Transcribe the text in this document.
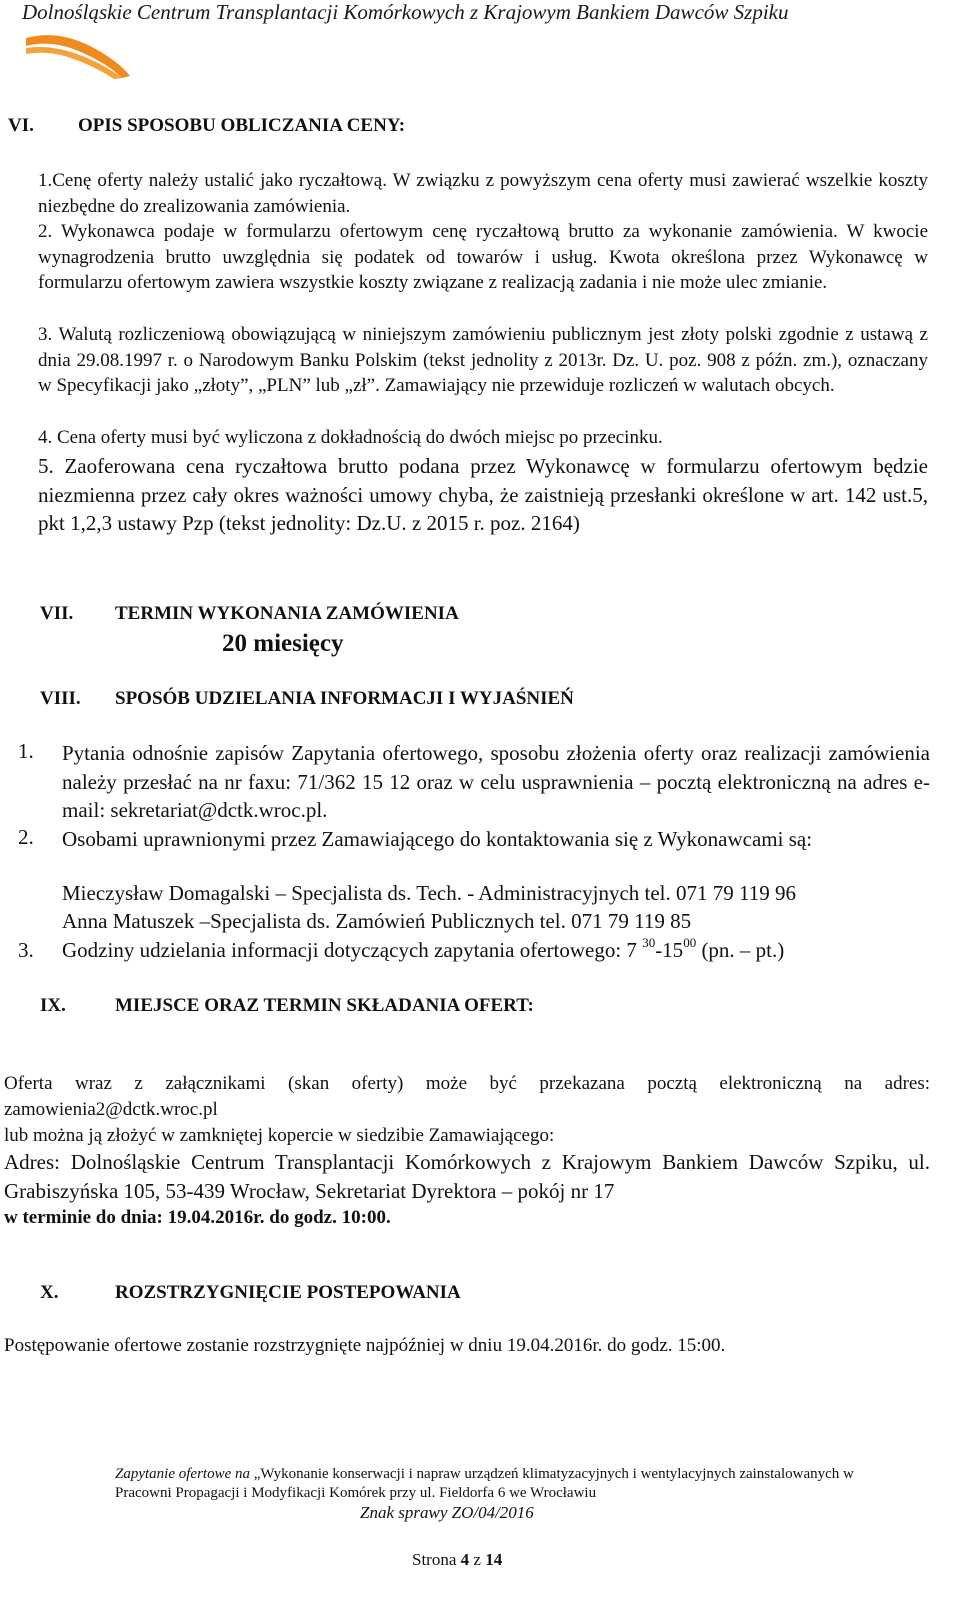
Dolnośląskie Centrum Transplantacji Komórkowych z Krajowym Bankiem Dawców Szpiku
VI. OPIS SPOSOBU OBLICZANIA CENY:

1.Cenę oferty należy ustalić jako ryczałtową. W związku z powyższym cena oferty musi zawierać wszelkie koszty niezbędne do zrealizowania zamówienia.

2. Wykonawca podaje w formularzu ofertowym cenę ryczałtową brutto za wykonanie zamówienia. W kwocie wynagrodzenia brutto uwzględnia się podatek od towarów i usług. Kwota określona przez Wykonawcę w formularzu ofertowym zawiera wszystkie koszty związane z realizacją zadania i nie może ulec zmianie.

3. Walutą rozliczeniową obowiązującą w niniejszym zamówieniu publicznym jest złoty polski zgodnie z ustawą z dnia 29.08.1997 r. o Narodowym Banku Polskim (tekst jednolity z 2013r. Dz. U. poz. 908 z późn. zm.), oznaczany w Specyfikacji jako „złoty”, „PLN” lub „zł”. Zamawiający nie przewiduje rozliczeń w walutach obcych.

4. Cena oferty musi być wyliczona z dokładnością do dwóch miejsc po przecinku.

5. Zaoferowana cena ryczałtowa brutto podana przez Wykonawcę w formularzu ofertowym będzie niezmienna przez cały okres ważności umowy chyba, że zaistnieją przesłanki określone w art. 142 ust.5, pkt 1,2,3 ustawy Pzp (tekst jednolity: Dz.U. z 2015 r. poz. 2164)

VII. TERMIN WYKONANIA ZAMÓWIENIA
20 miesięcy
VIII. SPOSÓB UDZIELANIA INFORMACJI I WYJAŚNIEŃ
1. Pytania odnośnie zapisów Zapytania ofertowego, sposobu złożenia oferty oraz realizacji zamówienia należy przesłać na nr faxu: 71/362 15 12 oraz w celu usprawnienia – pocztą elektroniczną na adres e-mail: sekretariat@dctk.wroc.pl.

2. Osobami uprawnionymi przez Zamawiającego do kontaktowania się z Wykonawcami są:

Mieczysław Domagalski – Specjalista ds. Tech. - Administracyjnych tel. 071 79 119 96
Anna Matuszek –Specjalista ds. Zamówień Publicznych tel. 071 79 119 85
3. Godziny udzielania informacji dotyczących zapytania ofertowego: 7 $^{30}-15^{00}$ (pn. – pt.)
IX.	MIEJSCE ORAZ TERMIN SKŁADANIA OFERT:

Oferta wraz z załącznikami (skan oferty) może być przekazana pocztą elektroniczną na adres: zamowienia2@dctk.wroc.pl

lub można ją złożyć w zamkniętej kopercie w siedzibie Zamawiającego:

Adres: Dolnośląskie Centrum Transplantacji Komórkowych z Krajowym Bankiem Dawców Szpiku, ul. Grabiszyńska 105, 53-439 Wrocław, Sekretariat Dyrektora – pokój nr 17

w terminie do dnia: 19.04.2016r. do godz. 10:00.
X.	ROZSTRZYGNIĘCIE POSTEPOWANIA
Postępowanie ofertowe zostanie rozstrzygnięte najpóźniej w dniu 19.04.2016r. do godz. 15:00.
Zapytanie ofertowe na „Wykonanie konserwacji i napraw urządzeń klimatyzacyjnych i wentylacyjnych zainstalowanych w
Pracowni Propagacji i Modyfikacji Komórek przy ul. Fieldorfa 6 we Wrocławiu
Znak sprawy ZO/04/2016
Strona 4 z 14
